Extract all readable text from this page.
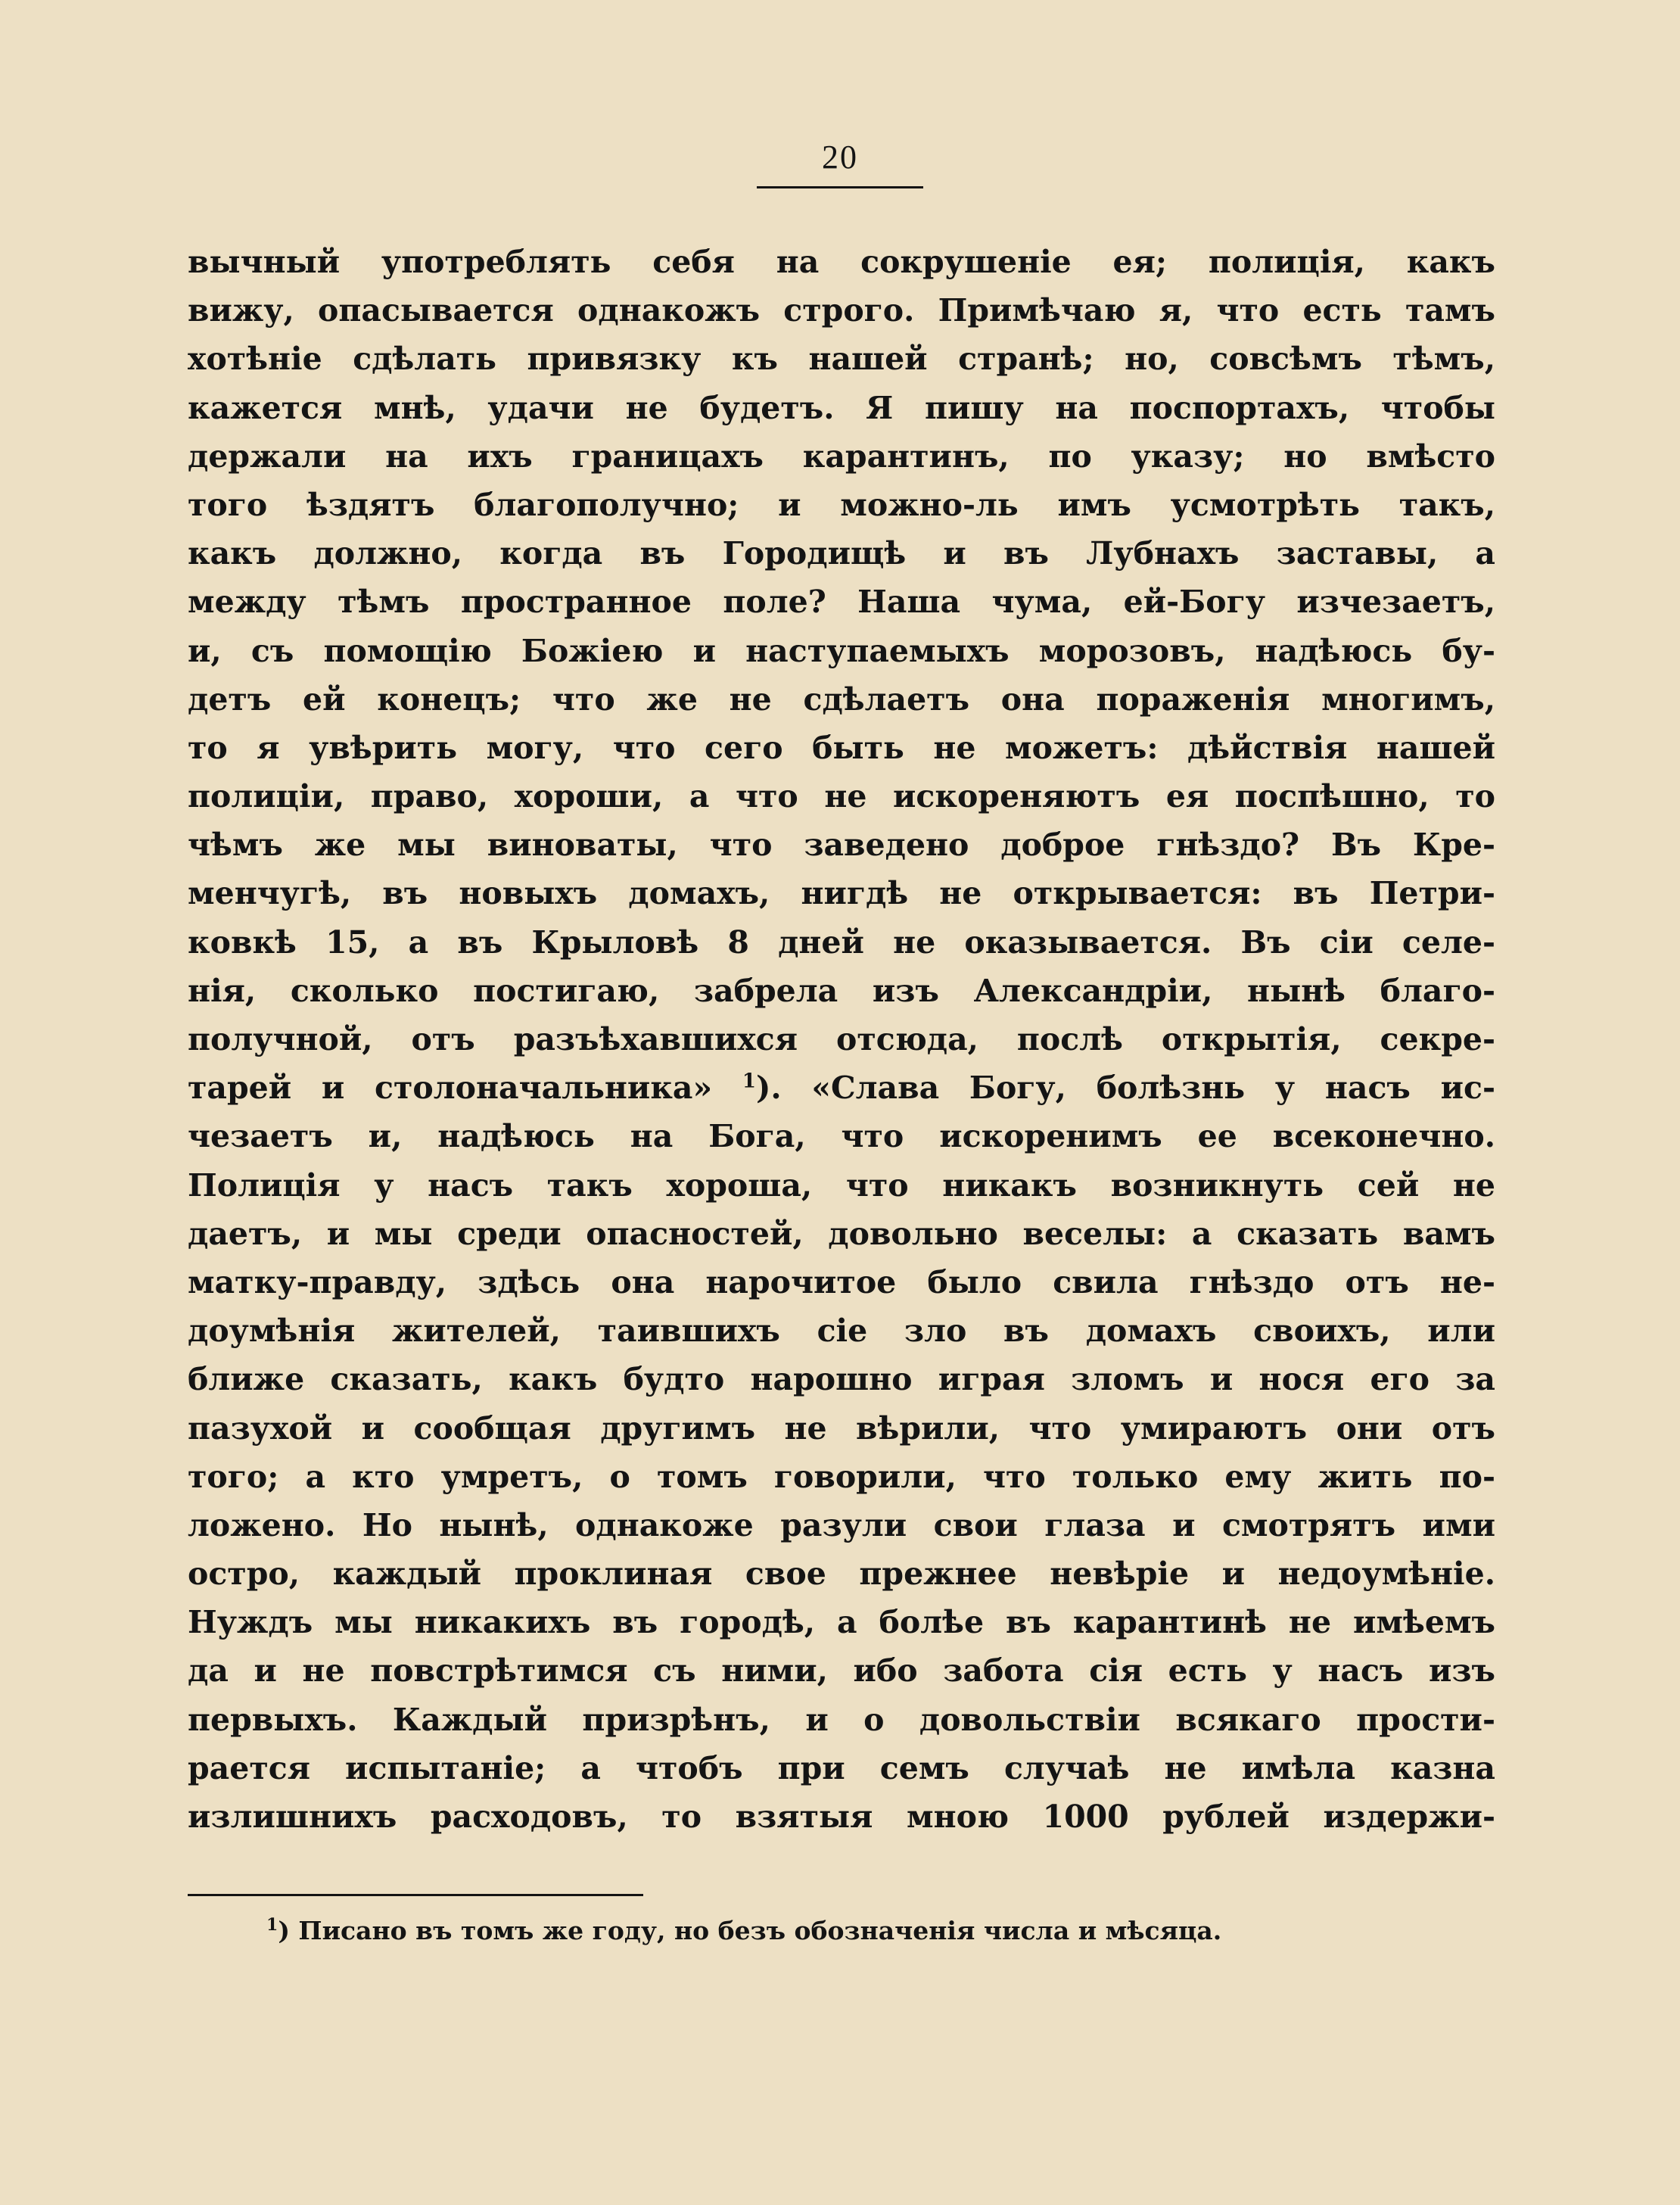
20
вычный употреблять себя на сокрушеніе ея; полиція, какъ
вижу, опасывается однакожъ строго. Примѣчаю я, что есть тамъ
хотѣніе сдѣлать привязку къ нашей странѣ; но, совсѣмъ тѣмъ,
кажется мнѣ, удачи не будетъ. Я пишу на поспортахъ, чтобы
держали на ихъ границахъ карантинъ, по указу; но вмѣсто
того ѣздятъ благополучно; и можно-ль имъ усмотрѣть такъ,
какъ должно, когда въ Городищѣ и въ Лубнахъ заставы, а
между тѣмъ пространное поле? Наша чума, ей-Богу изчезаетъ,
и, съ помощію Божіею и наступаемыхъ морозовъ, надѣюсь бу-
детъ ей конецъ; что же не сдѣлаетъ она пораженія многимъ,
то я увѣрить могу, что сего быть не можетъ: дѣйствія нашей
полиціи, право, хороши, а что не искореняютъ ея поспѣшно, то
чѣмъ же мы виноваты, что заведено доброе гнѣздо? Въ Кре-
менчугѣ, въ новыхъ домахъ, нигдѣ не открывается: въ Петри-
ковкѣ 15, а въ Крыловѣ 8 дней не оказывается. Въ сіи селе-
нія, сколько постигаю, забрела изъ Александріи, нынѣ благо-
получной, отъ разъѣхавшихся отсюда, послѣ открытія, секре-
тарей и столоначальника» $^1$). «Слава Богу, болѣзнь у насъ ис-
чезаетъ и, надѣюсь на Бога, что искоренимъ ее всеконечно.
Полиція у насъ такъ хороша, что никакъ возникнуть сей не
даетъ, и мы среди опасностей, довольно веселы: а сказать вамъ
матку-правду, здѣсь она нарочитое было свила гнѣздо отъ не-
доумѣнія жителей, таившихъ сіе зло въ домахъ своихъ, или
ближе сказать, какъ будто нарошно играя зломъ и нося его за
пазухой и сообщая другимъ не вѣрили, что умираютъ они отъ
того; а кто умретъ, о томъ говорили, что только ему жить по-
ложено. Но нынѣ, однакоже разули свои глаза и смотрятъ ими
остро, каждый проклиная свое прежнее невѣріе и недоумѣніе.
Нуждъ мы никакихъ въ городѣ, а болѣе въ карантинѣ не имѣемъ
да и не повстрѣтимся съ ними, ибо забота сія есть у насъ изъ
первыхъ. Каждый призрѣнъ, и о довольствіи всякаго прости-
рается испытаніе; а чтобъ при семъ случаѣ не имѣла казна
излишнихъ расходовъ, то взятыя мною 1000 рублей издержи-
$^1$) Писано въ томъ же году, но безъ обозначенія числа и мѣсяца.
